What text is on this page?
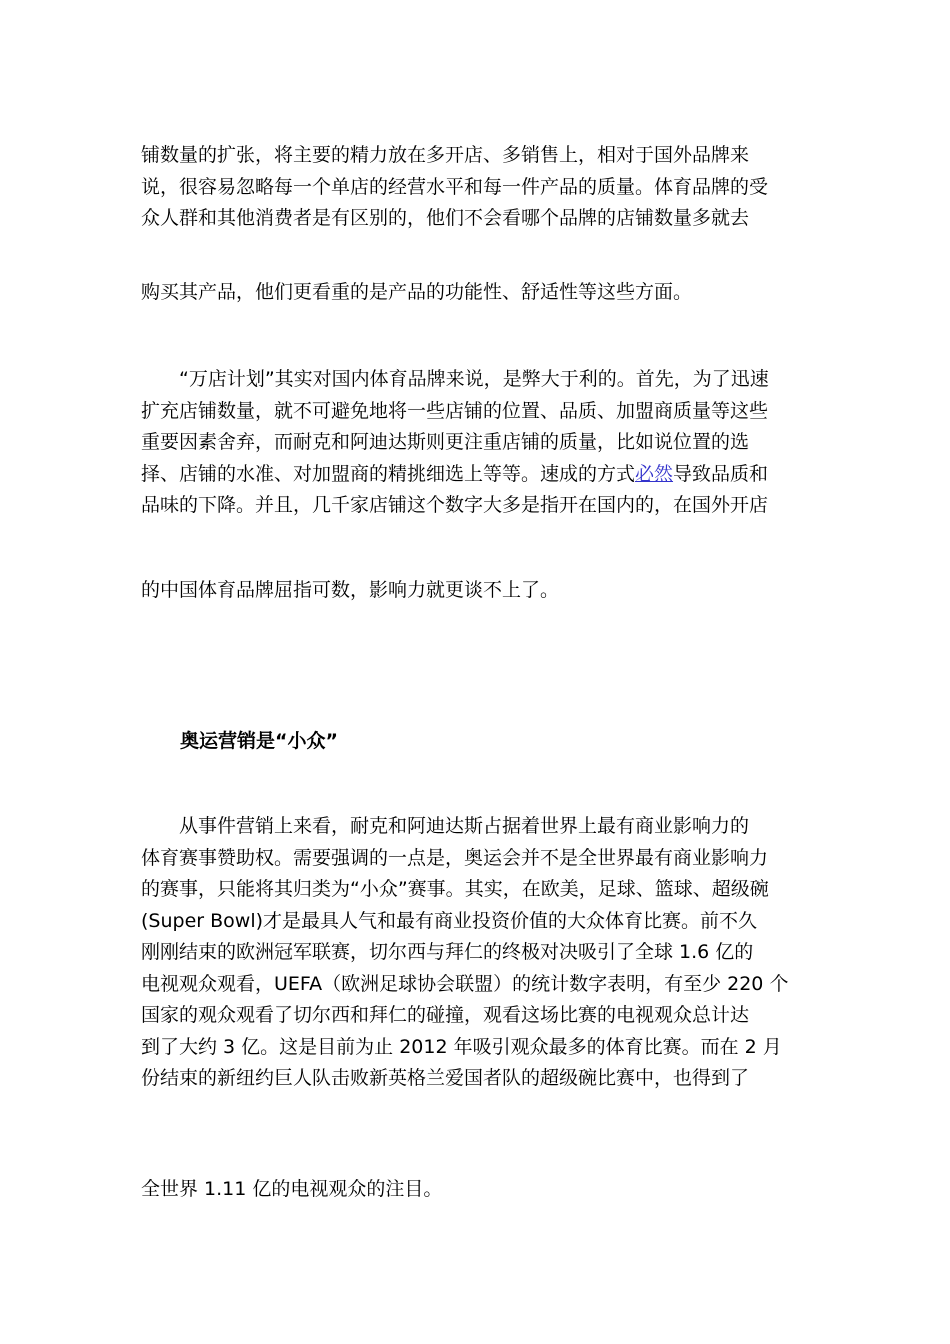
铺数量的扩张，将主要的精力放在多开店、多销售上，相对于国外品牌来
说，很容易忽略每一个单店的经营水平和每一件产品的质量。体育品牌的受
众人群和其他消费者是有区别的，他们不会看哪个品牌的店铺数量多就去
购买其产品，他们更看重的是产品的功能性、舒适性等这些方面。
“万店计划”其实对国内体育品牌来说，是弊大于利的。首先，为了迅速
扩充店铺数量，就不可避免地将一些店铺的位置、品质、加盟商质量等这些
重要因素舍弃，而耐克和阿迪达斯则更注重店铺的质量，比如说位置的选
择、店铺的水准、对加盟商的精挑细选上等等。速成的方式必然导致品质和
品味的下降。并且，几千家店铺这个数字大多是指开在国内的，在国外开店
的中国体育品牌屈指可数，影响力就更谈不上了。
奥运营销是“小众”
从事件营销上来看，耐克和阿迪达斯占据着世界上最有商业影响力的
体育赛事赞助权。需要强调的一点是，奥运会并不是全世界最有商业影响力
的赛事，只能将其归类为“小众”赛事。其实，在欧美，足球、篮球、超级碗
(Super Bowl)才是最具人气和最有商业投资价值的大众体育比赛。前不久
刚刚结束的欧洲冠军联赛，切尔西与拜仁的终极对决吸引了全球 1.6 亿的
电视观众观看，UEFA（欧洲足球协会联盟）的统计数字表明，有至少 220 个
国家的观众观看了切尔西和拜仁的碰撞，观看这场比赛的电视观众总计达
到了大约 3 亿。这是目前为止 2012 年吸引观众最多的体育比赛。而在 2 月
份结束的新纽约巨人队击败新英格兰爱国者队的超级碗比赛中，也得到了
全世界 1.11 亿的电视观众的注目。
